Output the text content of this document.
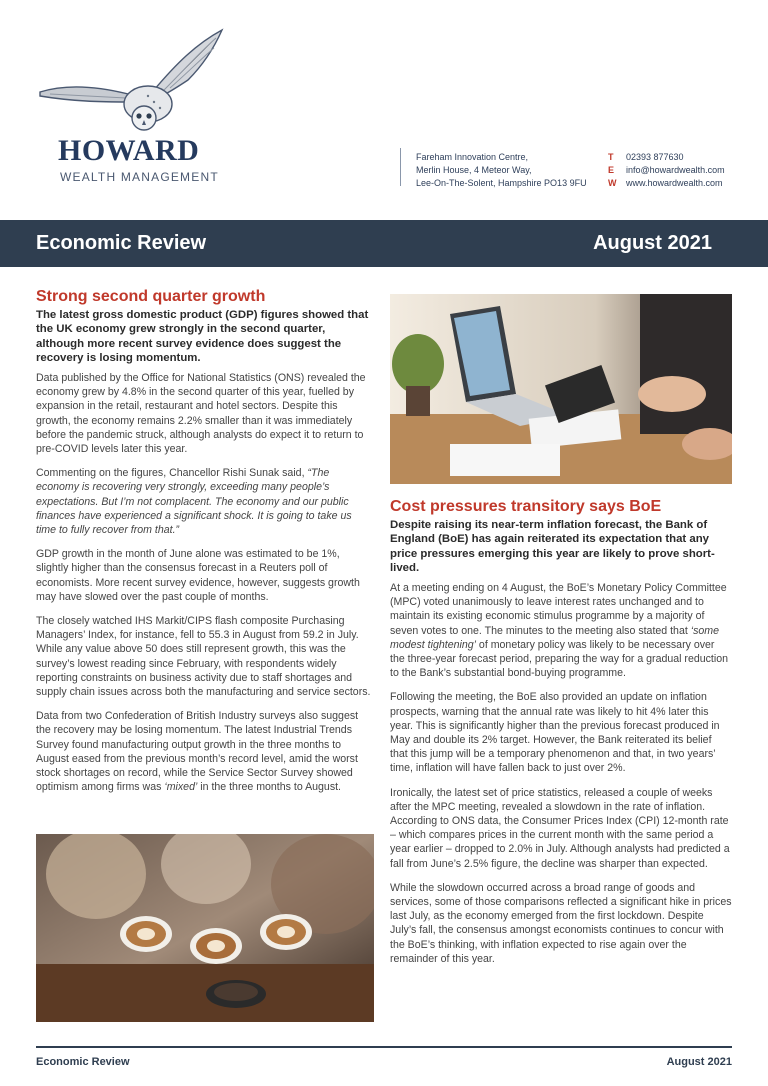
HOWARD
WEALTH MANAGEMENT
Fareham Innovation Centre,
Merlin House, 4 Meteor Way,
Lee-On-The-Solent, Hampshire PO13 9FU
T
E
W
02393 877630
info@howardwealth.com
www.howardwealth.com
Economic Review	August 2021
Strong second quarter growth
The latest gross domestic product (GDP) figures showed that the UK economy grew strongly in the second quarter, although more recent survey evidence does suggest the recovery is losing momentum.

Data published by the Office for National Statistics (ONS) revealed the economy grew by 4.8% in the second quarter of this year, fuelled by expansion in the retail, restaurant and hotel sectors. Despite this growth, the economy remains 2.2% smaller than it was immediately before the pandemic struck, although analysts do expect it to return to pre-COVID levels later this year.

Commenting on the figures, Chancellor Rishi Sunak said, “The economy is recovering very strongly, exceeding many people’s expectations. But I’m not complacent. The economy and our public finances have experienced a significant shock. It is going to take us time to fully recover from that.”

GDP growth in the month of June alone was estimated to be 1%, slightly higher than the consensus forecast in a Reuters poll of economists. More recent survey evidence, however, suggests growth may have slowed over the past couple of months.

The closely watched IHS Markit/CIPS flash composite Purchasing Managers’ Index, for instance, fell to 55.3 in August from 59.2 in July. While any value above 50 does still represent growth, this was the survey’s lowest reading since February, with respondents widely reporting constraints on business activity due to staff shortages and supply chain issues across both the manufacturing and service sectors.

Data from two Confederation of British Industry surveys also suggest the recovery may be losing momentum. The latest Industrial Trends Survey found manufacturing output growth in the three months to August eased from the previous month’s record level, amid the worst stock shortages on record, while the Service Sector Survey showed optimism among firms was ‘mixed’ in the three months to August.

Cost pressures transitory says BoE
Despite raising its near-term inflation forecast, the Bank of England (BoE) has again reiterated its expectation that any price pressures emerging this year are likely to prove short-lived.

At a meeting ending on 4 August, the BoE’s Monetary Policy Committee (MPC) voted unanimously to leave interest rates unchanged and to maintain its existing economic stimulus programme by a majority of seven votes to one. The minutes to the meeting also stated that ‘some modest tightening’ of monetary policy was likely to be necessary over the three-year forecast period, preparing the way for a gradual reduction to the Bank’s substantial bond-buying programme.

Following the meeting, the BoE also provided an update on inflation prospects, warning that the annual rate was likely to hit 4% later this year. This is significantly higher than the previous forecast produced in May and double its 2% target. However, the Bank reiterated its belief that this jump will be a temporary phenomenon and that, in two years’ time, inflation will have fallen back to just over 2%.

Ironically, the latest set of price statistics, released a couple of weeks after the MPC meeting, revealed a slowdown in the rate of inflation. According to ONS data, the Consumer Prices Index (CPI) 12-month rate – which compares prices in the current month with the same period a year earlier – dropped to 2.0% in July. Although analysts had predicted a fall from June’s 2.5% figure, the decline was sharper than expected.

While the slowdown occurred across a broad range of goods and services, some of those comparisons reflected a significant hike in prices last July, as the economy emerged from the first lockdown. Despite July’s fall, the consensus amongst economists continues to concur with the BoE’s thinking, with inflation expected to rise again over the remainder of this year.

Economic Review	August 2021
